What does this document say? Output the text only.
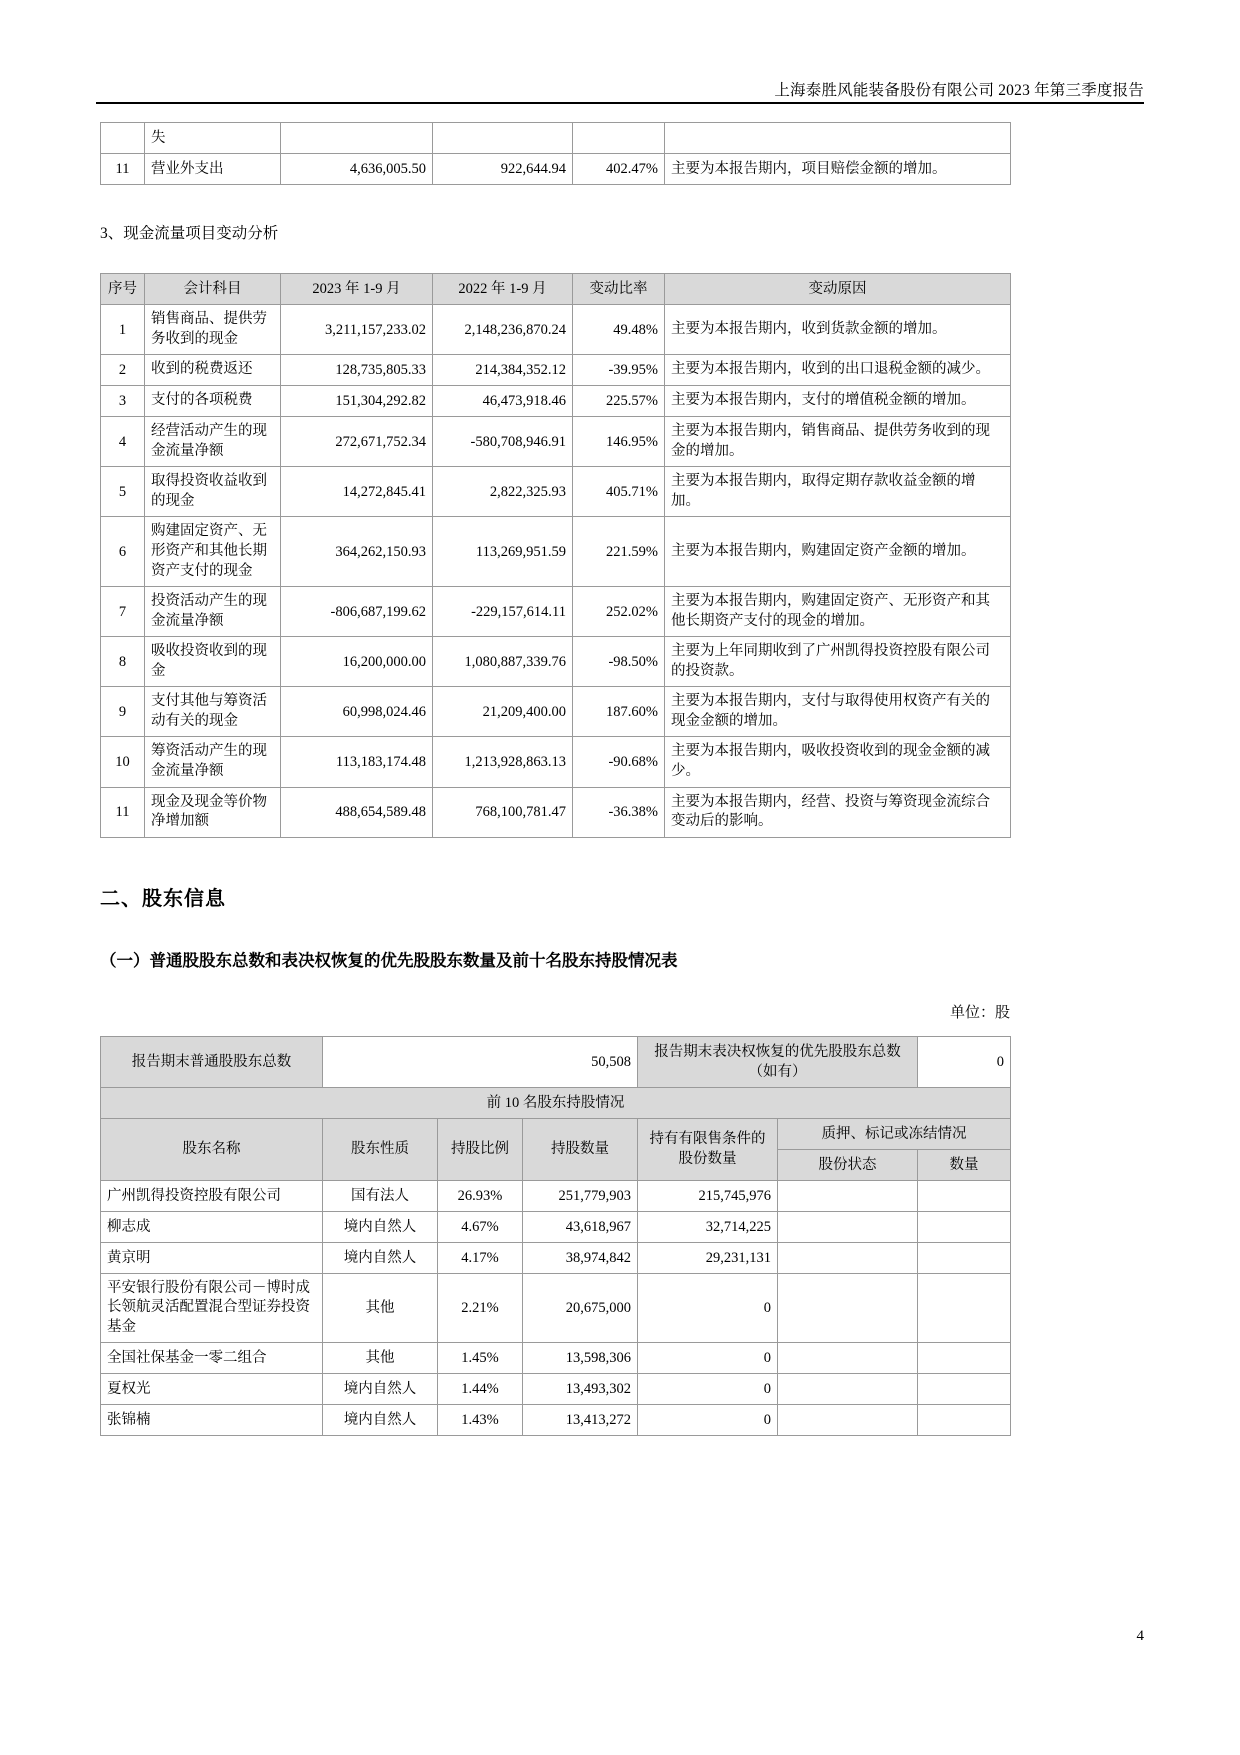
上海泰胜风能装备股份有限公司 2023 年第三季度报告
	失				
11	营业外支出	4,636,005.50	922,644.94	402.47%	主要为本报告期内，项目赔偿金额的增加。

3、现金流量项目变动分析

序号	会计科目	2023 年 1-9 月	2022 年 1-9 月	变动比率	变动原因
1	销售商品、提供劳务收到的现金	3,211,157,233.02	2,148,236,870.24	49.48%	主要为本报告期内，收到货款金额的增加。
2	收到的税费返还	128,735,805.33	214,384,352.12	-39.95%	主要为本报告期内，收到的出口退税金额的减少。
3	支付的各项税费	151,304,292.82	46,473,918.46	225.57%	主要为本报告期内，支付的增值税金额的增加。
4	经营活动产生的现金流量净额	272,671,752.34	-580,708,946.91	146.95%	主要为本报告期内，销售商品、提供劳务收到的现金的增加。
5	取得投资收益收到的现金	14,272,845.41	2,822,325.93	405.71%	主要为本报告期内，取得定期存款收益金额的增加。
6	购建固定资产、无形资产和其他长期资产支付的现金	364,262,150.93	113,269,951.59	221.59%	主要为本报告期内，购建固定资产金额的增加。
7	投资活动产生的现金流量净额	-806,687,199.62	-229,157,614.11	252.02%	主要为本报告期内，购建固定资产、无形资产和其他长期资产支付的现金的增加。
8	吸收投资收到的现金	16,200,000.00	1,080,887,339.76	-98.50%	主要为上年同期收到了广州凯得投资控股有限公司的投资款。
9	支付其他与筹资活动有关的现金	60,998,024.46	21,209,400.00	187.60%	主要为本报告期内，支付与取得使用权资产有关的现金金额的增加。
10	筹资活动产生的现金流量净额	113,183,174.48	1,213,928,863.13	-90.68%	主要为本报告期内，吸收投资收到的现金金额的减少。
11	现金及现金等价物净增加额	488,654,589.48	768,100,781.47	-36.38%	主要为本报告期内，经营、投资与筹资现金流综合变动后的影响。

二、股东信息

（一）普通股股东总数和表决权恢复的优先股股东数量及前十名股东持股情况表

单位：股
报告期末普通股股东总数	50,508			报告期末表决权恢复的优先股股东总数（如有）		0
前 10 名股东持股情况						
股东名称	股东性质	持股比例	持股数量	持有有限售条件的股份数量	质押、标记或冻结情况	
					股份状态	数量
广州凯得投资控股有限公司	国有法人	26.93%	251,779,903	215,745,976		
柳志成	境内自然人	4.67%	43,618,967	32,714,225		
黄京明	境内自然人	4.17%	38,974,842	29,231,131		
平安银行股份有限公司－博时成长领航灵活配置混合型证券投资基金	其他	2.21%	20,675,000	0		
全国社保基金一零二组合	其他	1.45%	13,598,306	0		
夏权光	境内自然人	1.44%	13,493,302	0		
张锦楠	境内自然人	1.43%	13,413,272	0		
4
